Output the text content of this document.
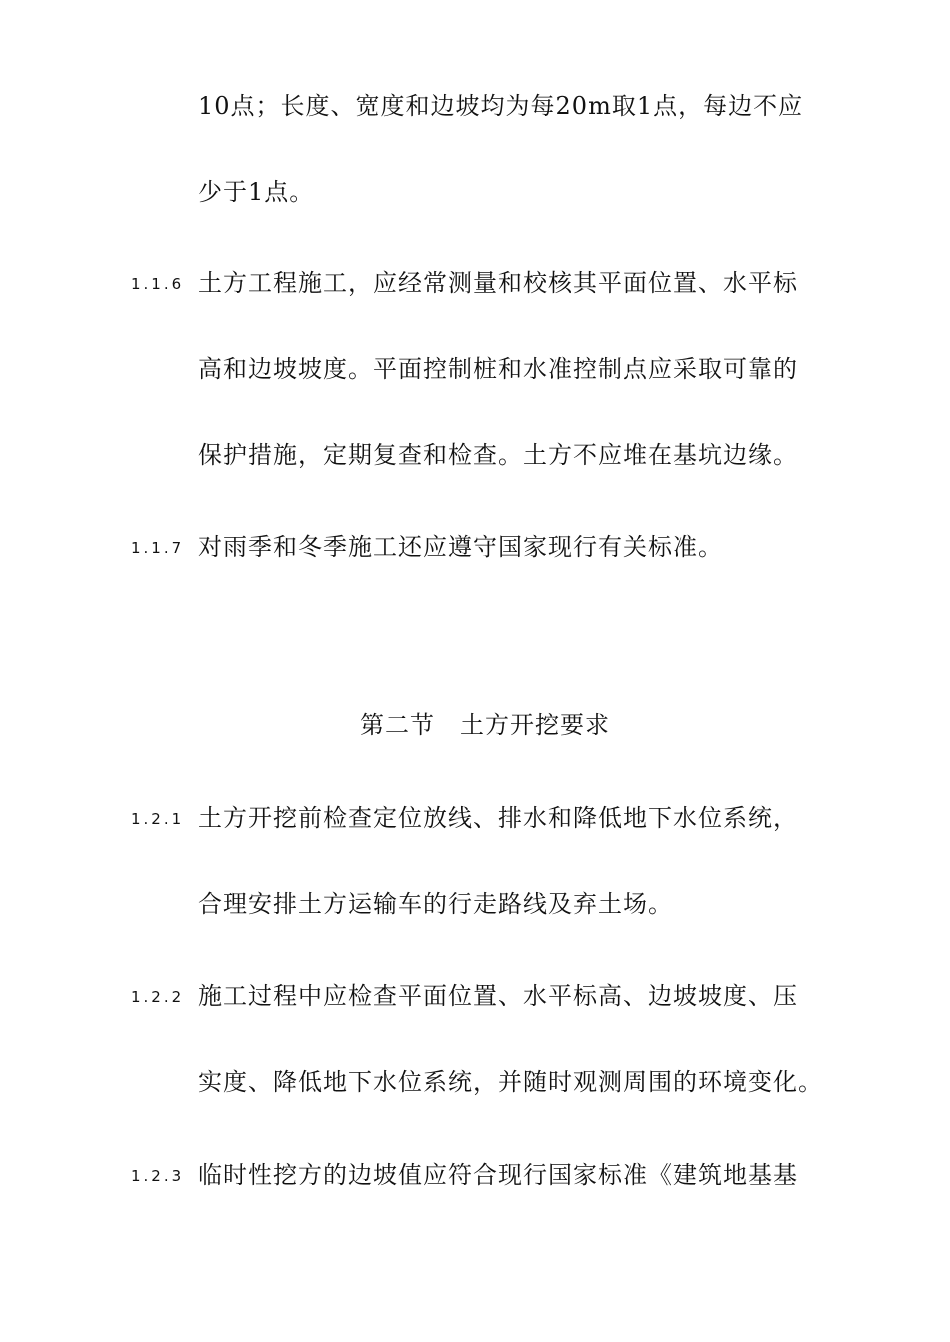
10点；长度、宽度和边坡均为每20m取1点，每边不应
少于1点。
1.1.6 土方工程施工，应经常测量和校核其平面位置、水平标
高和边坡坡度。平面控制桩和水准控制点应采取可靠的
保护措施，定期复查和检查。土方不应堆在基坑边缘。
1.1.7 对雨季和冬季施工还应遵守国家现行有关标准。
第二节　土方开挖要求
1.2.1 土方开挖前检查定位放线、排水和降低地下水位系统，
合理安排土方运输车的行走路线及弃土场。
1.2.2 施工过程中应检查平面位置、水平标高、边坡坡度、压
实度、降低地下水位系统，并随时观测周围的环境变化。
1.2.3 临时性挖方的边坡值应符合现行国家标准《建筑地基基
